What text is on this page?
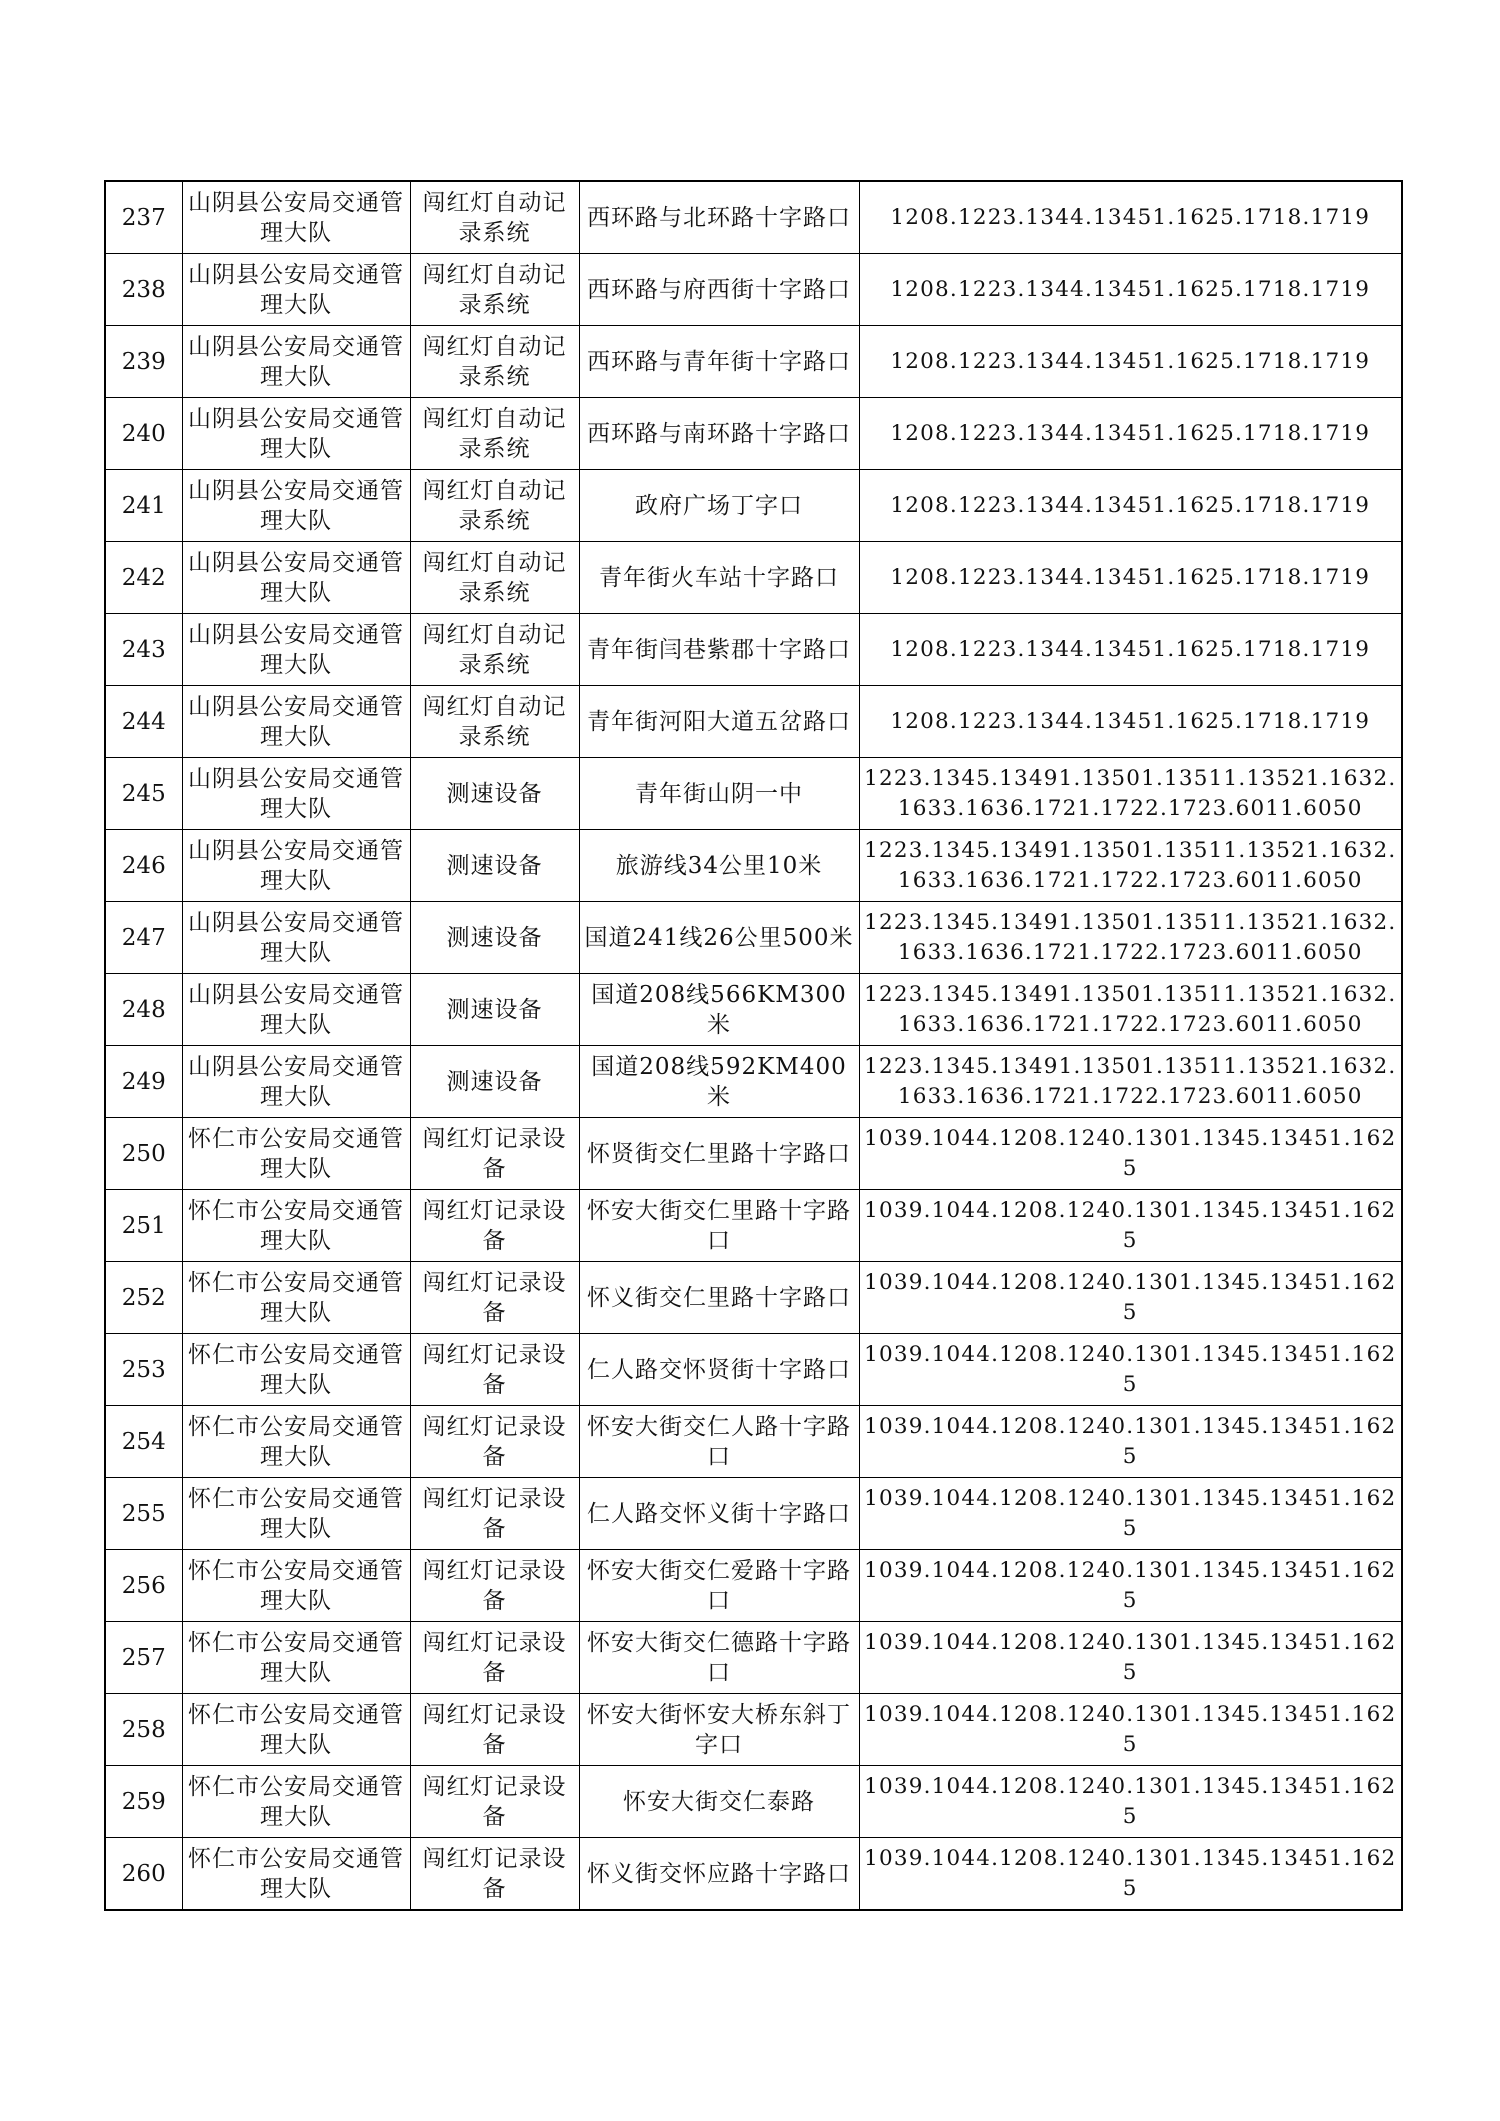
237	山阴县公安局交通管理大队	闯红灯自动记录系统	西环路与北环路十字路口	1208.1223.1344.13451.1625.1718.1719
238	山阴县公安局交通管理大队	闯红灯自动记录系统	西环路与府西街十字路口	1208.1223.1344.13451.1625.1718.1719
239	山阴县公安局交通管理大队	闯红灯自动记录系统	西环路与青年街十字路口	1208.1223.1344.13451.1625.1718.1719
240	山阴县公安局交通管理大队	闯红灯自动记录系统	西环路与南环路十字路口	1208.1223.1344.13451.1625.1718.1719
241	山阴县公安局交通管理大队	闯红灯自动记录系统	政府广场丁字口	1208.1223.1344.13451.1625.1718.1719
242	山阴县公安局交通管理大队	闯红灯自动记录系统	青年街火车站十字路口	1208.1223.1344.13451.1625.1718.1719
243	山阴县公安局交通管理大队	闯红灯自动记录系统	青年街闫巷紫郡十字路口	1208.1223.1344.13451.1625.1718.1719
244	山阴县公安局交通管理大队	闯红灯自动记录系统	青年街河阳大道五岔路口	1208.1223.1344.13451.1625.1718.1719
245	山阴县公安局交通管理大队	测速设备	青年街山阴一中	1223.1345.13491.13501.13511.13521.1632.1633.1636.1721.1722.1723.6011.6050
246	山阴县公安局交通管理大队	测速设备	旅游线34公里10米	1223.1345.13491.13501.13511.13521.1632.1633.1636.1721.1722.1723.6011.6050
247	山阴县公安局交通管理大队	测速设备	国道241线26公里500米	1223.1345.13491.13501.13511.13521.1632.1633.1636.1721.1722.1723.6011.6050
248	山阴县公安局交通管理大队	测速设备	国道208线566KM300米	1223.1345.13491.13501.13511.13521.1632.1633.1636.1721.1722.1723.6011.6050
249	山阴县公安局交通管理大队	测速设备	国道208线592KM400米	1223.1345.13491.13501.13511.13521.1632.1633.1636.1721.1722.1723.6011.6050
250	怀仁市公安局交通管理大队	闯红灯记录设备	怀贤街交仁里路十字路口	1039.1044.1208.1240.1301.1345.13451.1625
251	怀仁市公安局交通管理大队	闯红灯记录设备	怀安大街交仁里路十字路口	1039.1044.1208.1240.1301.1345.13451.1625
252	怀仁市公安局交通管理大队	闯红灯记录设备	怀义街交仁里路十字路口	1039.1044.1208.1240.1301.1345.13451.1625
253	怀仁市公安局交通管理大队	闯红灯记录设备	仁人路交怀贤街十字路口	1039.1044.1208.1240.1301.1345.13451.1625
254	怀仁市公安局交通管理大队	闯红灯记录设备	怀安大街交仁人路十字路口	1039.1044.1208.1240.1301.1345.13451.1625
255	怀仁市公安局交通管理大队	闯红灯记录设备	仁人路交怀义街十字路口	1039.1044.1208.1240.1301.1345.13451.1625
256	怀仁市公安局交通管理大队	闯红灯记录设备	怀安大街交仁爱路十字路口	1039.1044.1208.1240.1301.1345.13451.1625
257	怀仁市公安局交通管理大队	闯红灯记录设备	怀安大街交仁德路十字路口	1039.1044.1208.1240.1301.1345.13451.1625
258	怀仁市公安局交通管理大队	闯红灯记录设备	怀安大街怀安大桥东斜丁字口	1039.1044.1208.1240.1301.1345.13451.1625
259	怀仁市公安局交通管理大队	闯红灯记录设备	怀安大街交仁泰路	1039.1044.1208.1240.1301.1345.13451.1625
260	怀仁市公安局交通管理大队	闯红灯记录设备	怀义街交怀应路十字路口	1039.1044.1208.1240.1301.1345.13451.1625
